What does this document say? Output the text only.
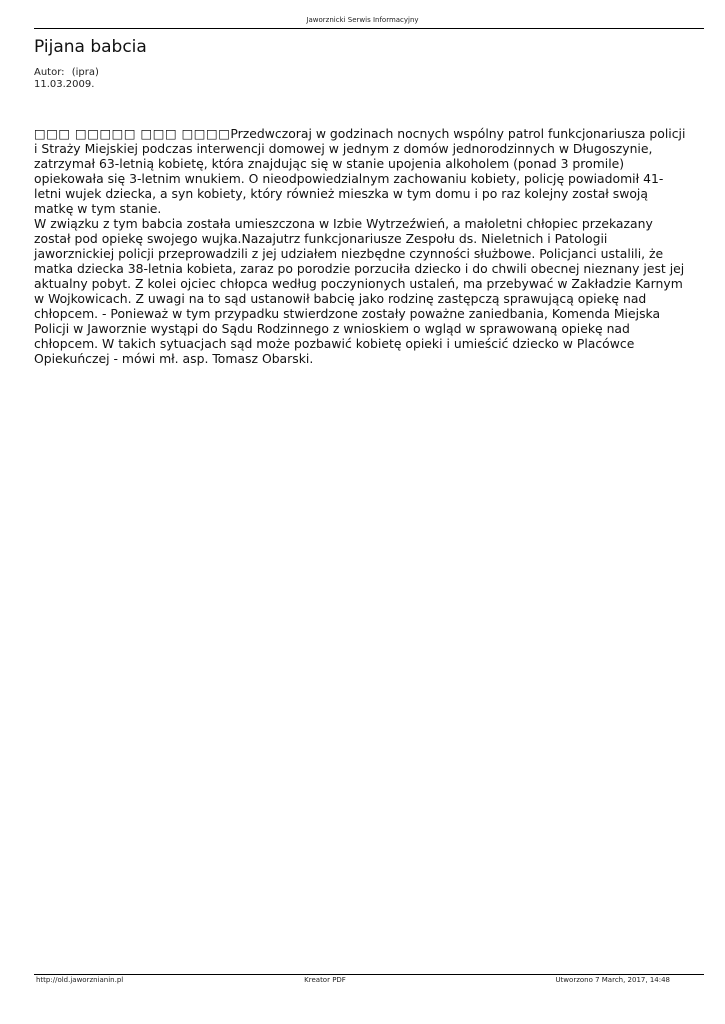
Jaworznicki Serwis Informacyjny
Pijana babcia
Autor: (ipra)
11.03.2009.

□□□ □□□□□ □□□ □□□□Przedwczoraj w godzinach nocnych wspólny patrol funkcjonariusza policji i Straży Miejskiej podczas interwencji domowej w jednym z domów jednorodzinnych w Długoszynie, zatrzymał 63-letnią kobietę, która znajdując się w stanie upojenia alkoholem (ponad 3 promile) opiekowała się 3-letnim wnukiem. O nieodpowiedzialnym zachowaniu kobiety, policję powiadomił 41-letni wujek dziecka, a syn kobiety, który również mieszka w tym domu i po raz kolejny został swoją matkę w tym stanie.

W związku z tym babcia została umieszczona w Izbie Wytrzeźwień, a małoletni chłopiec przekazany został pod opiekę swojego wujka.Nazajutrz funkcjonariusze Zespołu ds. Nieletnich i Patologii jaworznickiej policji przeprowadzili z jej udziałem niezbędne czynności służbowe. Policjanci ustalili, że matka dziecka 38-letnia kobieta, zaraz po porodzie porzuciła dziecko i do chwili obecnej nieznany jest jej aktualny pobyt. Z kolei ojciec chłopca według poczynionych ustaleń, ma przebywać w Zakładzie Karnym w Wojkowicach. Z uwagi na to sąd ustanowił babcię jako rodzinę zastępczą sprawującą opiekę nad chłopcem. - Ponieważ w tym przypadku stwierdzone zostały poważne zaniedbania, Komenda Miejska Policji w Jaworznie wystąpi do Sądu Rodzinnego z wnioskiem o wgląd w sprawowaną opiekę nad chłopcem. W takich sytuacjach sąd może pozbawić kobietę opieki i umieścić dziecko w Placówce Opiekuńczej - mówi mł. asp. Tomasz Obarski.

http://old.jaworznianin.pl	Kreator PDF	Utworzono 7 March, 2017, 14:48
